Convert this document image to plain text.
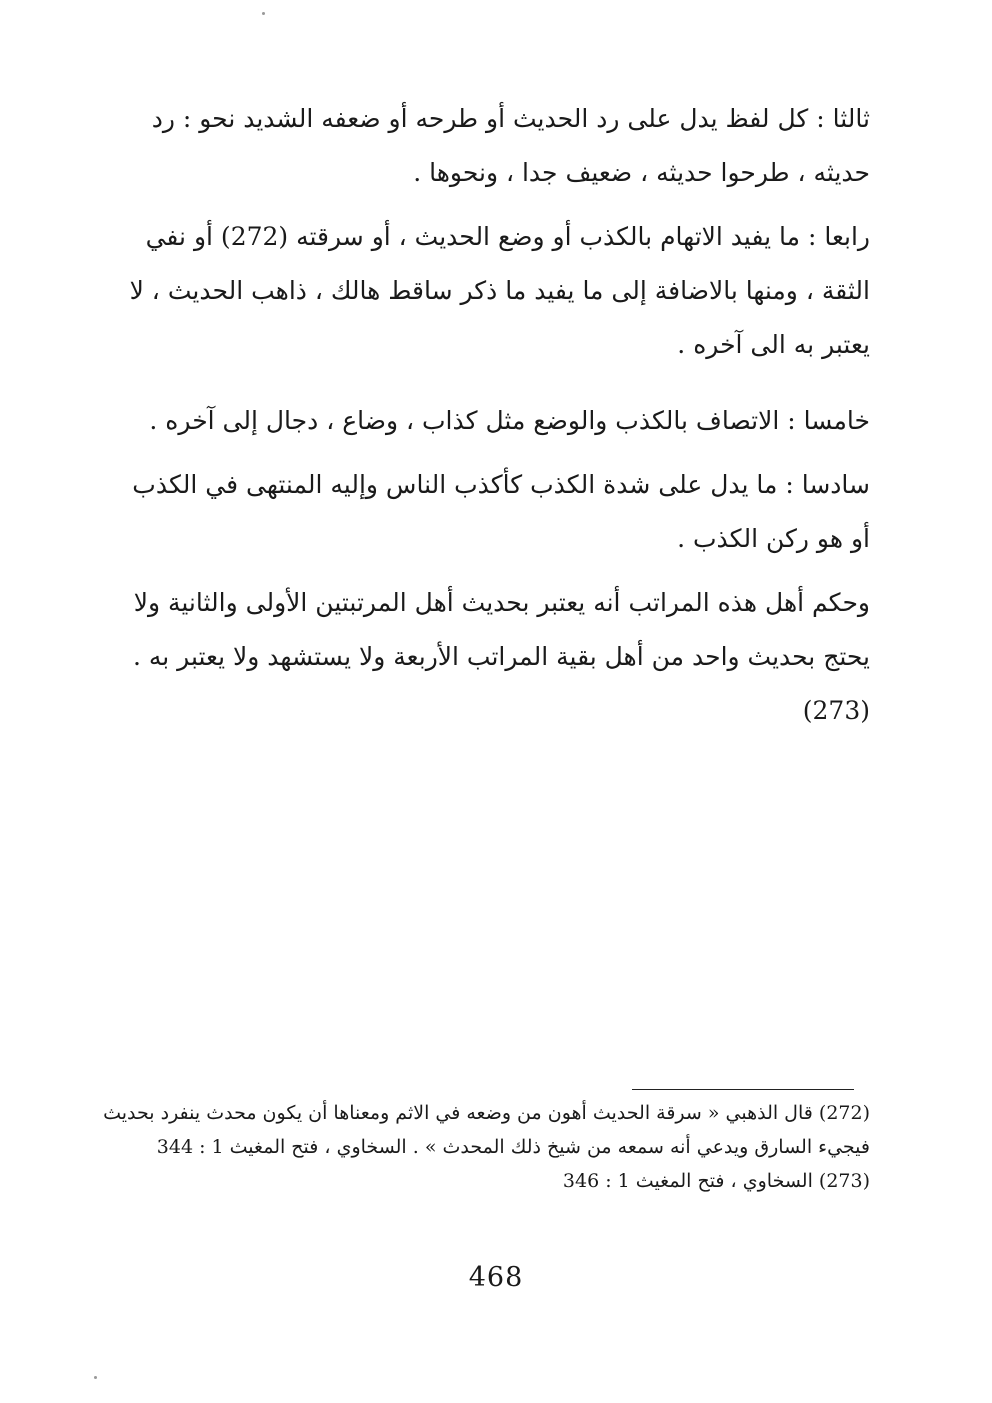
ثالثا : كل لفظ يدل على رد الحديث أو طرحه أو ضعفه الشديد نحو : رد حديثه ، طرحوا حديثه ، ضعيف جدا ، ونحوها .

رابعا : ما يفيد الاتهام بالكذب أو وضع الحديث ، أو سرقته (272) أو نفي الثقة ، ومنها بالاضافة إلى ما يفيد ما ذكر ساقط هالك ، ذاهب الحديث ، لا يعتبر به الى آخره .

خامسا : الاتصاف بالكذب والوضع مثل كذاب ، وضاع ، دجال إلى آخره .

سادسا : ما يدل على شدة الكذب كأكذب الناس وإليه المنتهى في الكذب أو هو ركن الكذب .

وحكم أهل هذه المراتب أنه يعتبر بحديث أهل المرتبتين الأولى والثانية ولا يحتج بحديث واحد من أهل بقية المراتب الأربعة ولا يستشهد ولا يعتبر به . (273)

(272) قال الذهبي « سرقة الحديث أهون من وضعه في الاثم ومعناها أن يكون محدث ينفرد بحديث فيجيء السارق ويدعي أنه سمعه من شيخ ذلك المحدث » . السخاوي ، فتح المغيث 1 : 344

(273) السخاوي ، فتح المغيث 1 : 346

468
